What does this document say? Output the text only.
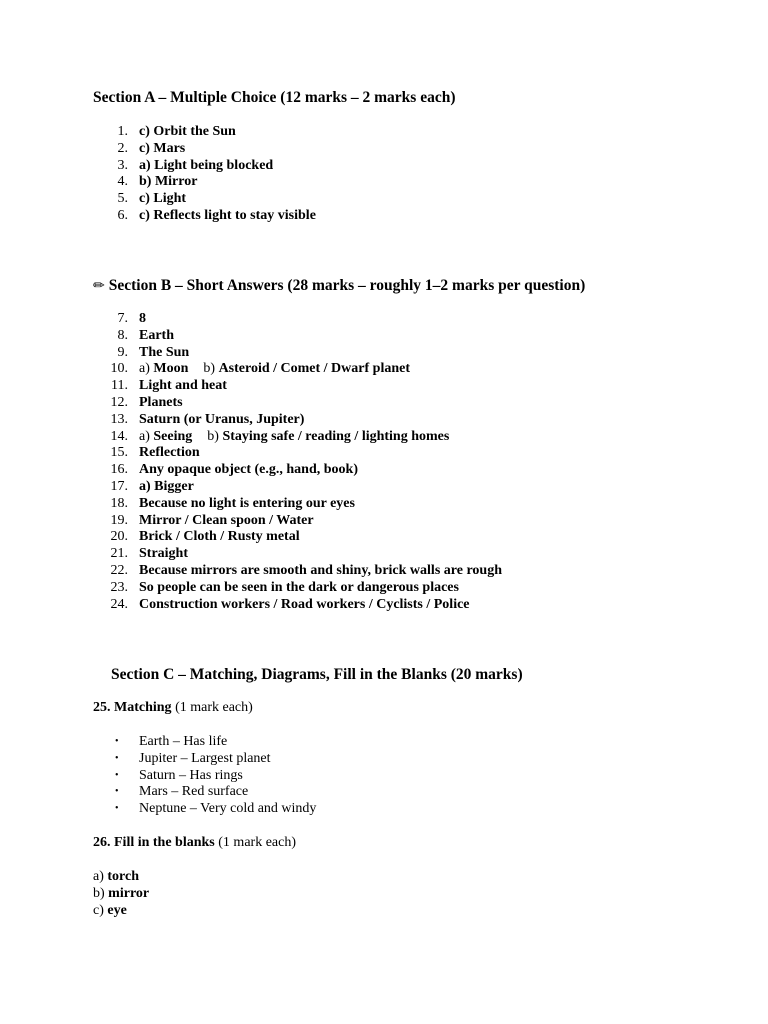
Section A – Multiple Choice (12 marks – 2 marks each)
1. c) Orbit the Sun
2. c) Mars
3. a) Light being blocked
4. b) Mirror
5. c) Light
6. c) Reflects light to stay visible
✏ Section B – Short Answers (28 marks – roughly 1–2 marks per question)
7. 8
8. Earth
9. The Sun
10. a) Moon b) Asteroid / Comet / Dwarf planet
11. Light and heat
12. Planets
13. Saturn (or Uranus, Jupiter)
14. a) Seeing b) Staying safe / reading / lighting homes
15. Reflection
16. Any opaque object (e.g., hand, book)
17. a) Bigger
18. Because no light is entering our eyes
19. Mirror / Clean spoon / Water
20. Brick / Cloth / Rusty metal
21. Straight
22. Because mirrors are smooth and shiny, brick walls are rough
23. So people can be seen in the dark or dangerous places
24. Construction workers / Road workers / Cyclists / Police
Section C – Matching, Diagrams, Fill in the Blanks (20 marks)
25. Matching (1 mark each)
• Earth – Has life
• Jupiter – Largest planet
• Saturn – Has rings
• Mars – Red surface
• Neptune – Very cold and windy
26. Fill in the blanks (1 mark each)
a) torch
b) mirror
c) eye
